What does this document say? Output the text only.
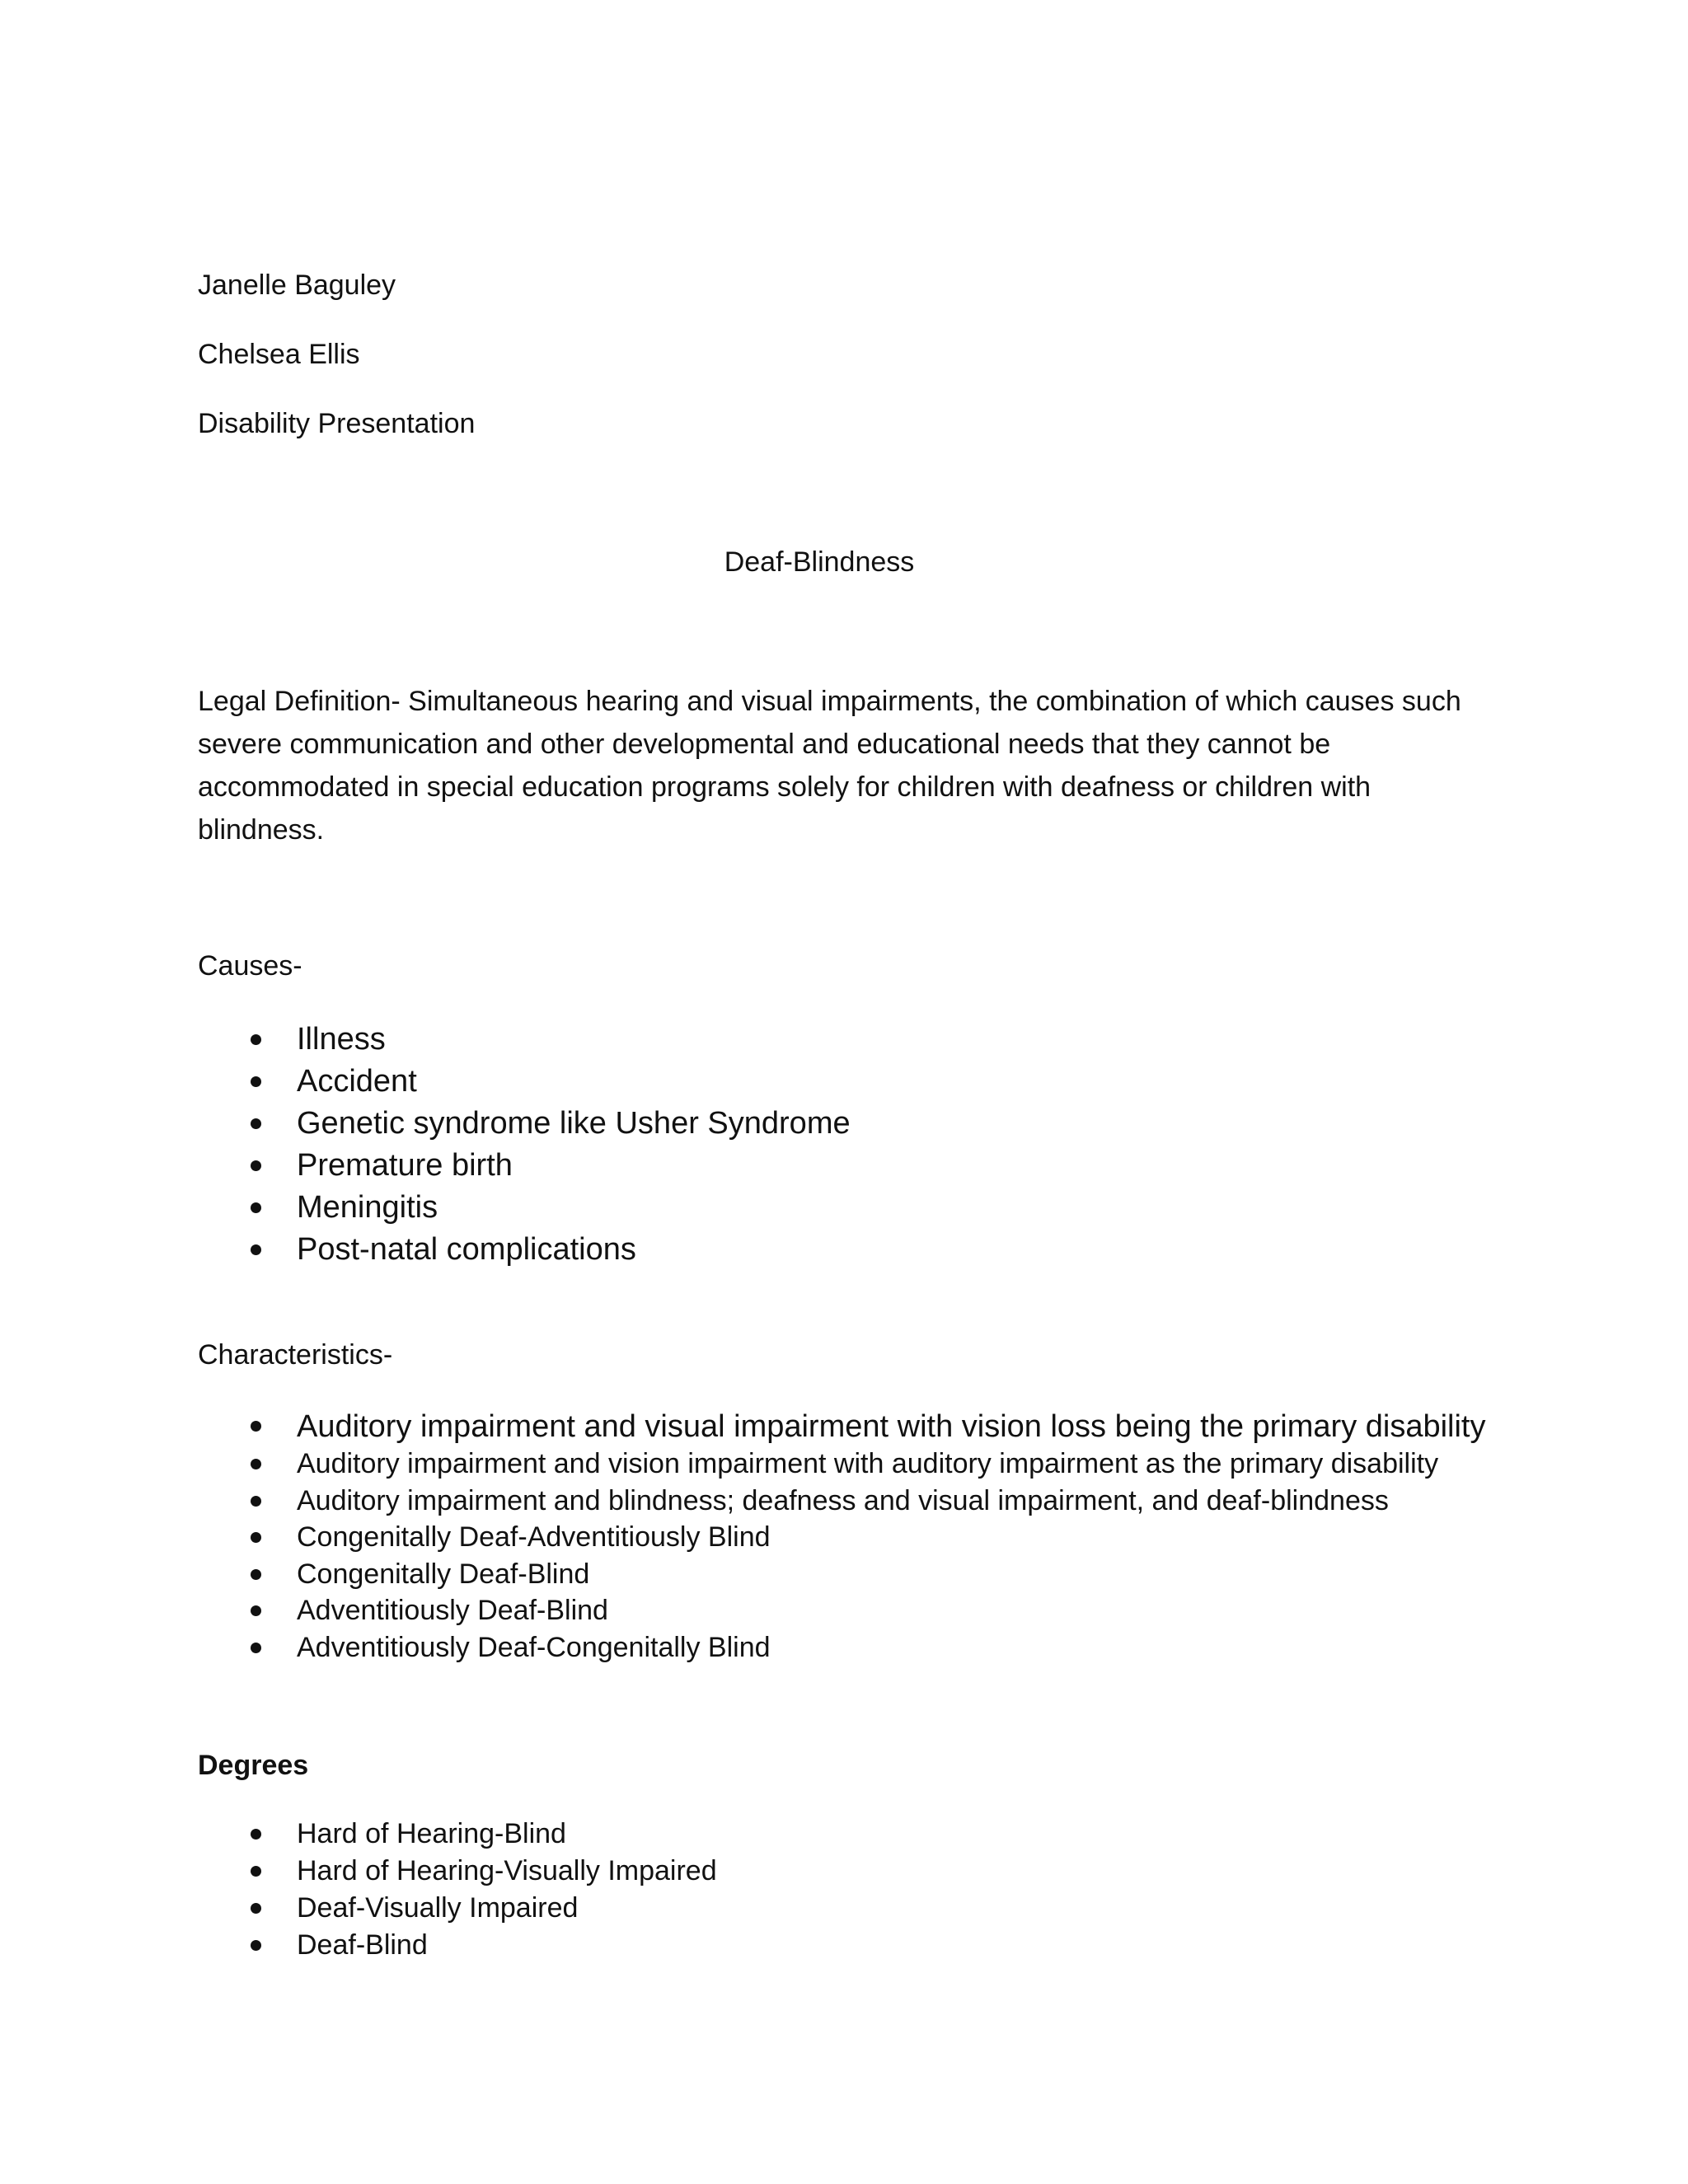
Janelle Baguley

Chelsea Ellis

Disability Presentation

Deaf-Blindness

Legal Definition- Simultaneous hearing and visual impairments, the combination of which causes such severe communication and other developmental and educational needs that they cannot be accommodated in special education programs solely for children with deafness or children with blindness.

Causes-

Illness
Accident
Genetic syndrome like Usher Syndrome
Premature birth
Meningitis
Post-natal complications

Characteristics-

Auditory impairment and visual impairment with vision loss being the primary disability
Auditory impairment and vision impairment with auditory impairment as the primary disability
Auditory impairment and blindness; deafness and visual impairment, and deaf-blindness
Congenitally Deaf-Adventitiously Blind
Congenitally Deaf-Blind
Adventitiously Deaf-Blind
Adventitiously Deaf-Congenitally Blind

Degrees

Hard of Hearing-Blind
Hard of Hearing-Visually Impaired
Deaf-Visually Impaired
Deaf-Blind
